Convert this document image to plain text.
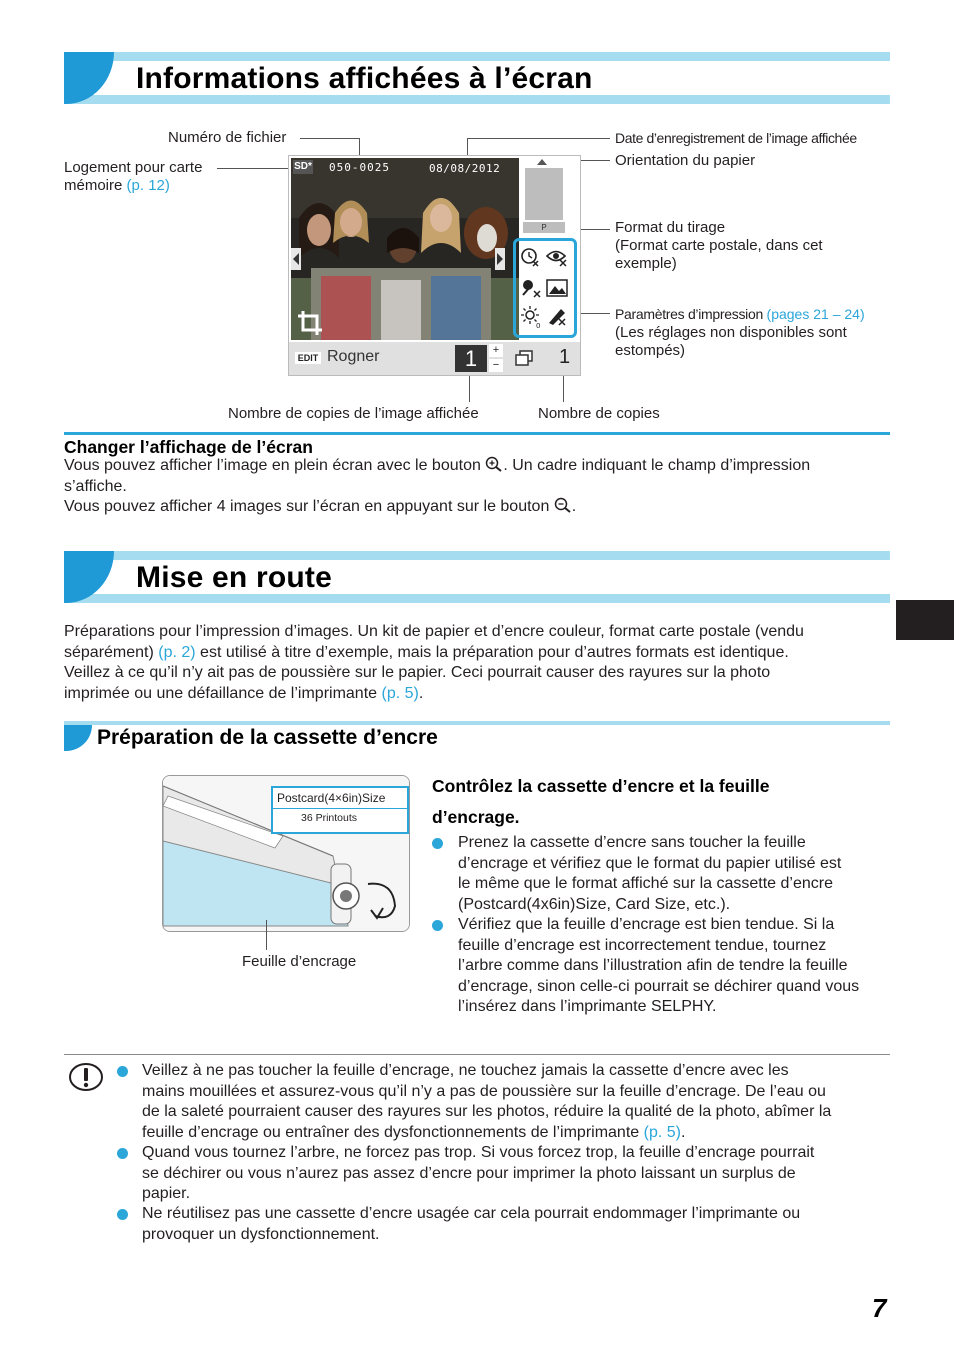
Informations affichées à l’écran
Numéro de fichier
Logement pour carte
mémoire (p. 12)
Date d’enregistrement de l’image affichée
Orientation du papier
Format du tirage
(Format carte postale, dans cet
exemple)
Paramètres d’impression (pages 21 – 24)
(Les réglages non disponibles sont
estompés)
Nombre de copies de l’image affichée	Nombre de copies
SD* 050-0025	08/08/2012
P
0
EDIT Rogner	1	+
−	1
Changer l’affichage de l’écran
Vous pouvez afficher l’image en plein écran avec le bouton . Un cadre indiquant le champ d’impression
s’affiche.
Vous pouvez afficher 4 images sur l’écran en appuyant sur le bouton .
Mise en route
Préparations pour l’impression d’images. Un kit de papier et d’encre couleur, format carte postale (vendu
séparément) (p. 2) est utilisé à titre d’exemple, mais la préparation pour d’autres formats est identique.
Veillez à ce qu’il n’y ait pas de poussière sur le papier. Ceci pourrait causer des rayures sur la photo
imprimée ou une défaillance de l’imprimante (p. 5).
Préparation de la cassette d’encre
Postcard(4×6in)Size
36 Printouts
Feuille d’encrage
Contrôlez la cassette d’encre et la feuille
d’encrage.
Prenez la cassette d’encre sans toucher la feuille
d’encrage et vérifiez que le format du papier utilisé est
le même que le format affiché sur la cassette d’encre
(Postcard(4x6in)Size, Card Size, etc.).
Vérifiez que la feuille d’encrage est bien tendue. Si la
feuille d’encrage est incorrectement tendue, tournez
l’arbre comme dans l’illustration afin de tendre la feuille
d’encrage, sinon celle-ci pourrait se déchirer quand vous
l’insérez dans l’imprimante SELPHY.
Veillez à ne pas toucher la feuille d’encrage, ne touchez jamais la cassette d’encre avec les
mains mouillées et assurez-vous qu’il n’y a pas de poussière sur la feuille d’encrage. De l’eau ou
de la saleté pourraient causer des rayures sur les photos, réduire la qualité de la photo, abîmer la
feuille d’encrage ou entraîner des dysfonctionnements de l’imprimante (p. 5).
Quand vous tournez l’arbre, ne forcez pas trop. Si vous forcez trop, la feuille d’encrage pourrait
se déchirer ou vous n’aurez pas assez d’encre pour imprimer la photo laissant un surplus de
papier.
Ne réutilisez pas une cassette d’encre usagée car cela pourrait endommager l’imprimante ou
provoquer un dysfonctionnement.
7
